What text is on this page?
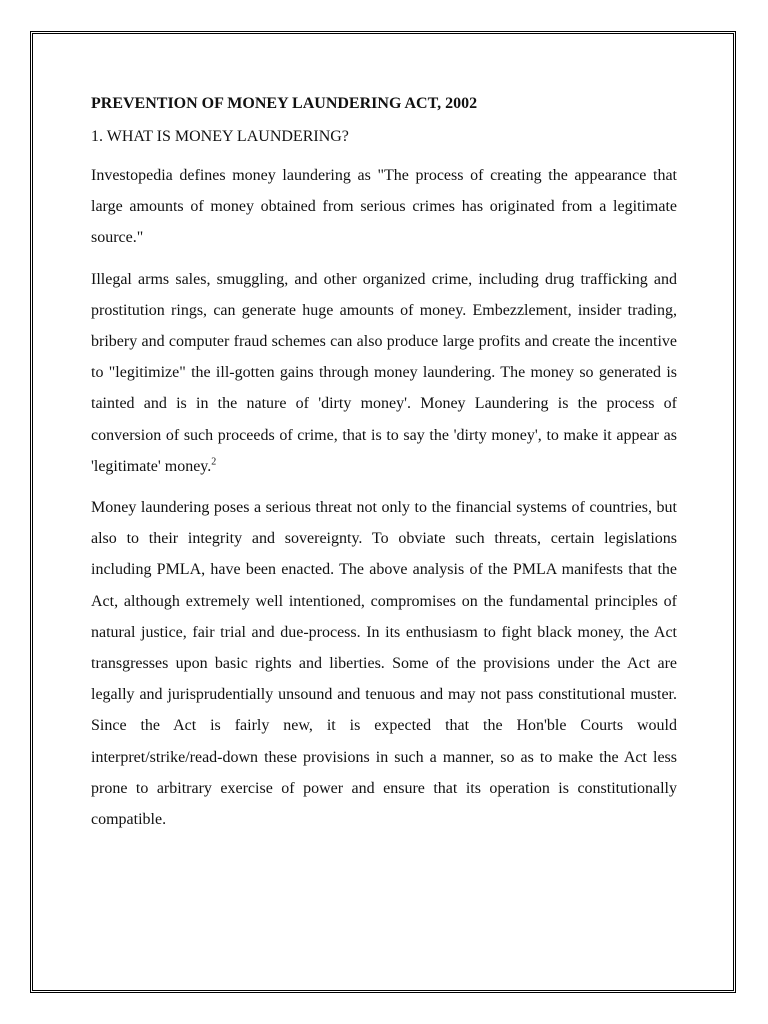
PREVENTION OF MONEY LAUNDERING ACT, 2002
1. WHAT IS MONEY LAUNDERING?

Investopedia defines money laundering as "The process of creating the appearance that large amounts of money obtained from serious crimes has originated from a legitimate source."

Illegal arms sales, smuggling, and other organized crime, including drug trafficking and prostitution rings, can generate huge amounts of money. Embezzlement, insider trading, bribery and computer fraud schemes can also produce large profits and create the incentive to "legitimize" the ill-gotten gains through money laundering. The money so generated is tainted and is in the nature of 'dirty money'. Money Laundering is the process of conversion of such proceeds of crime, that is to say the 'dirty money', to make it appear as 'legitimate' money.$^2$

Money laundering poses a serious threat not only to the financial systems of countries, but also to their integrity and sovereignty. To obviate such threats, certain legislations including PMLA, have been enacted. The above analysis of the PMLA manifests that the Act, although extremely well intentioned, compromises on the fundamental principles of natural justice, fair trial and due-process. In its enthusiasm to fight black money, the Act transgresses upon basic rights and liberties. Some of the provisions under the Act are legally and jurisprudentially unsound and tenuous and may not pass constitutional muster. Since the Act is fairly new, it is expected that the Hon'ble Courts would interpret/strike/read-down these provisions in such a manner, so as to make the Act less prone to arbitrary exercise of power and ensure that its operation is constitutionally compatible.
